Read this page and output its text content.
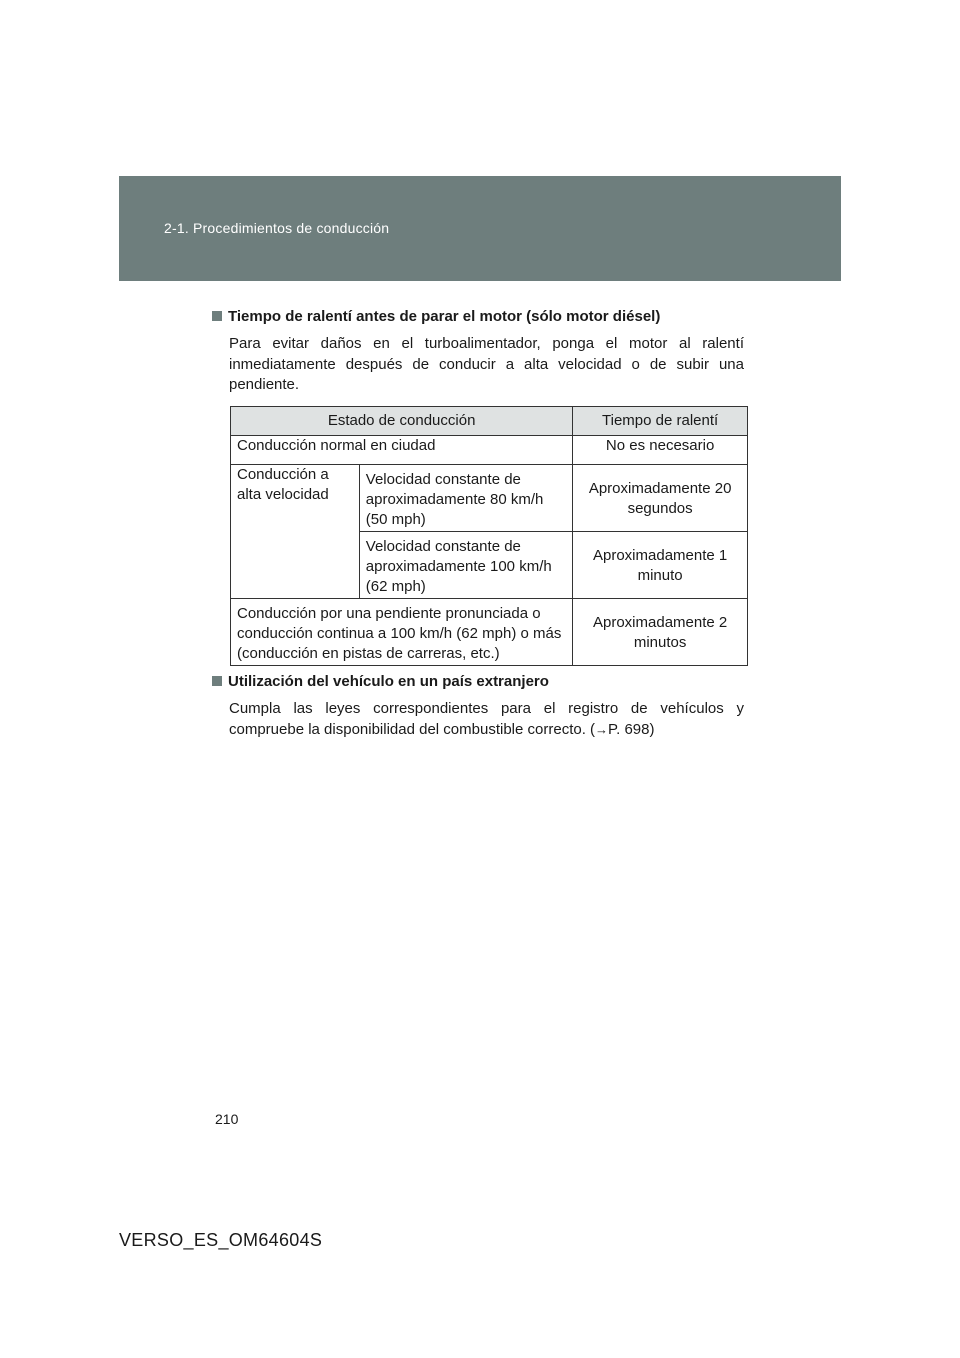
2-1. Procedimientos de conducción

Tiempo de ralentí antes de parar el motor (sólo motor diésel)

Para evitar daños en el turboalimentador, ponga el motor al ralentí inmediatamente después de conducir a alta velocidad o de subir una pendiente.

Estado de conducción		Tiempo de ralentí
Conducción normal en ciudad		No es necesario
Conducción a alta velocidad	Velocidad constante de aproximadamente 80 km/h (50 mph)	Aproximadamente 20 segundos
	Velocidad constante de aproximadamente 100 km/h (62 mph)	Aproximadamente 1 minuto
Conducción por una pendiente pronunciada o conducción continua a 100 km/h (62 mph) o más (conducción en pistas de carreras, etc.)		Aproximadamente 2 minutos

Utilización del vehículo en un país extranjero

Cumpla las leyes correspondientes para el registro de vehículos y compruebe la disponibilidad del combustible correcto. (→P. 698)

210
VERSO_ES_OM64604S
